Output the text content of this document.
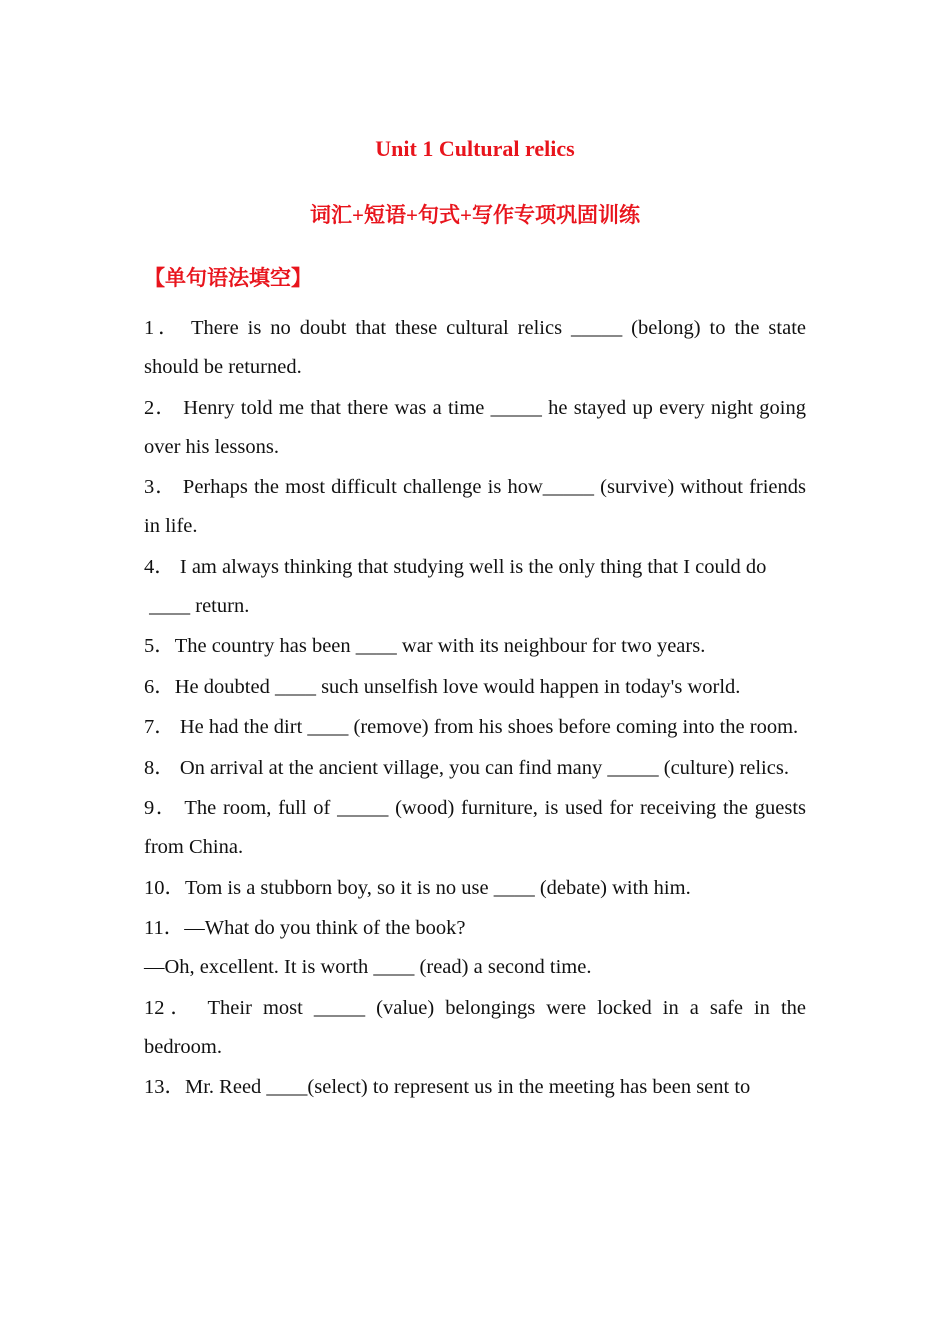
Unit 1 Cultural relics
词汇+短语+句式+写作专项巩固训练
【单句语法填空】
1． There is no doubt that these cultural relics _____ (belong) to the state should be returned.
2． Henry told me that there was a time _____ he stayed up every night going over his lessons.
3． Perhaps the most difficult challenge is how_____ (survive) without friends in life.
4． I am always thinking that studying well is the only thing that I could do
____ return.
5．The country has been ____ war with its neighbour for two years.
6．He doubted ____ such unselfish love would happen in today's world.
7． He had the dirt ____ (remove) from his shoes before coming into the room.
8． On arrival at the ancient village, you can find many _____ (culture) relics.
9． The room, full of _____ (wood) furniture, is used for receiving the guests from China.
10．Tom is a stubborn boy, so it is no use ____ (debate) with him.
11．—What do you think of the book?
—Oh, excellent. It is worth ____ (read) a second time.
12． Their most _____ (value) belongings were locked in a safe in the bedroom.
13．Mr. Reed ____(select) to represent us in the meeting has been sent to
